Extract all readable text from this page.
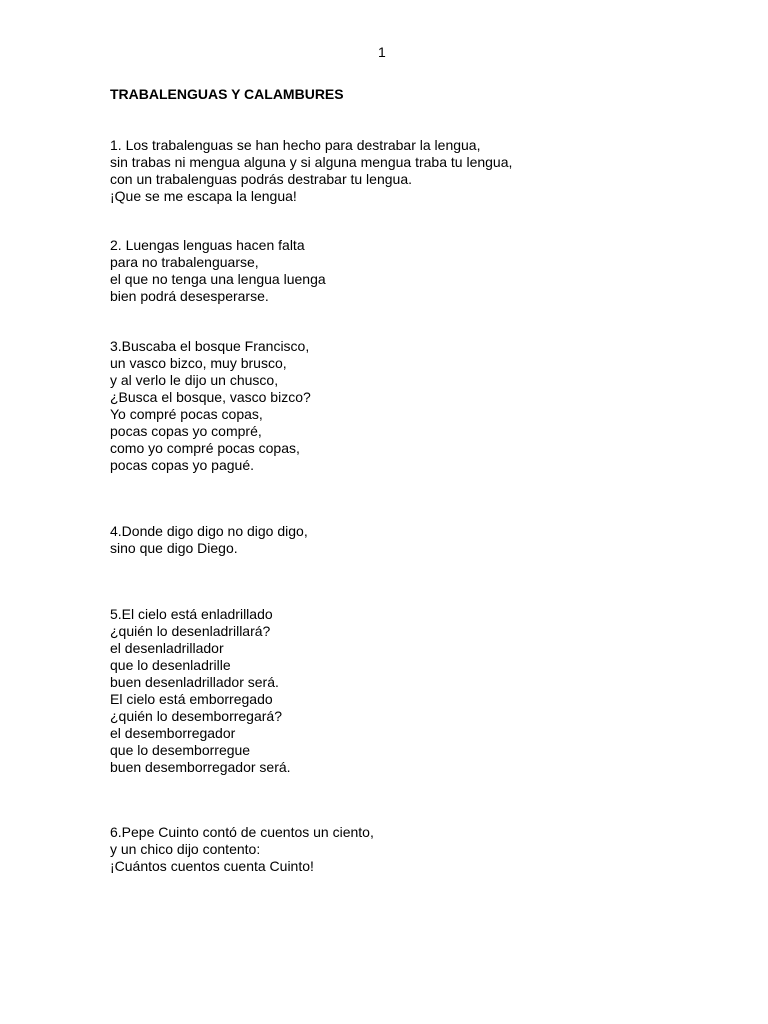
1
TRABALENGUAS Y CALAMBURES
1. Los trabalenguas se han hecho para destrabar la lengua,
sin trabas ni mengua alguna y si alguna mengua traba tu lengua,
con un trabalenguas podrás destrabar tu lengua.
¡Que se me escapa la lengua!
2. Luengas lenguas hacen falta
para no trabalenguarse,
el que no tenga una lengua luenga
bien podrá desesperarse.
3.Buscaba el bosque Francisco,
un vasco bizco, muy brusco,
y al verlo le dijo un chusco,
¿Busca el bosque, vasco bizco?
Yo compré pocas copas,
pocas copas yo compré,
como yo compré pocas copas,
pocas copas yo pagué.
4.Donde digo digo no digo digo,
sino que digo Diego.
5.El cielo está enladrillado
¿quién lo desenladrillará?
el desenladrillador
que lo desenladrille
buen desenladrillador será.
El cielo está emborregado
¿quién lo desemborregará?
el desemborregador
que lo desemborregue
buen desemborregador será.
6.Pepe Cuinto contó de cuentos un ciento,
y un chico dijo contento:
¡Cuántos cuentos cuenta Cuinto!
